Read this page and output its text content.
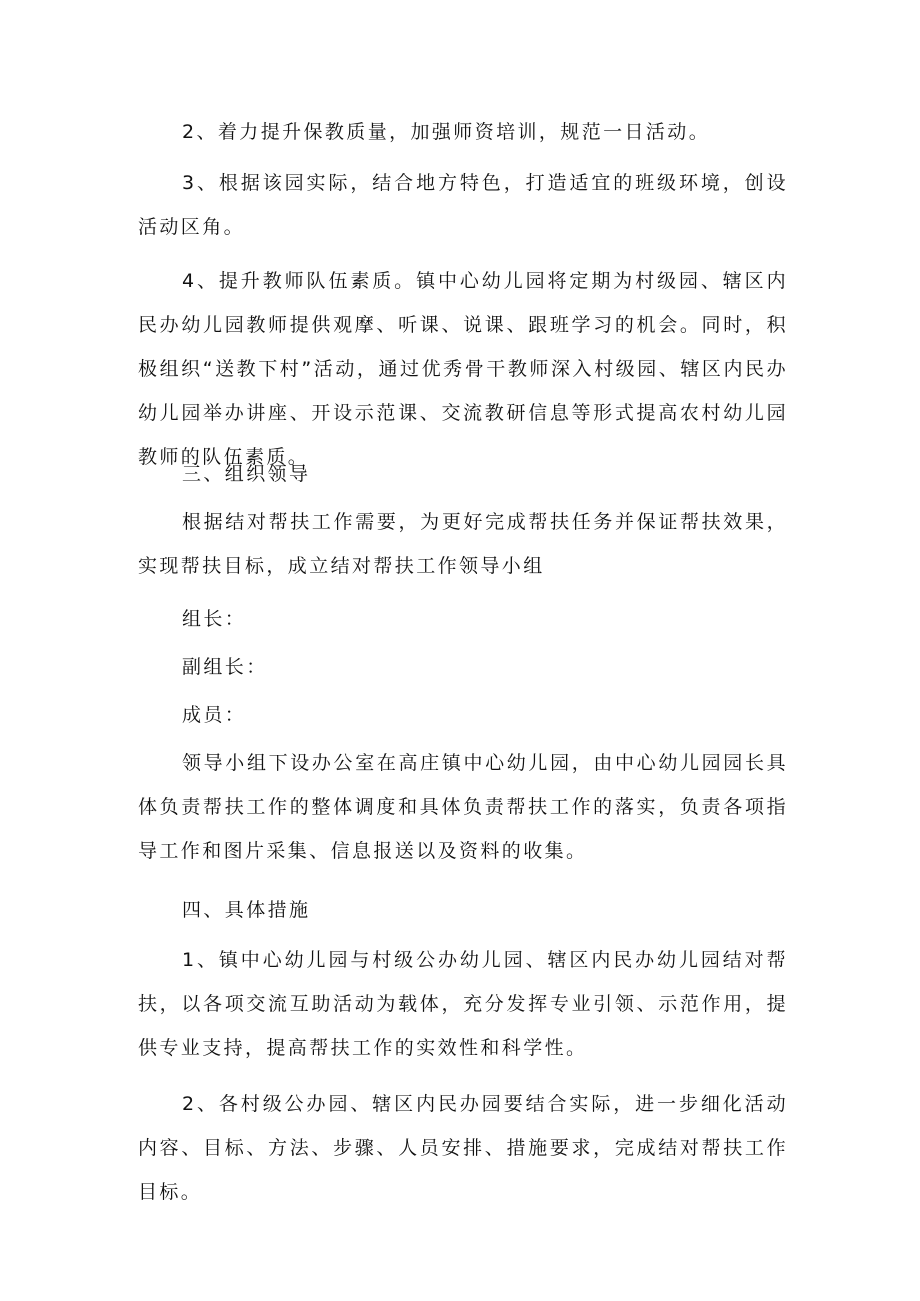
2、着力提升保教质量，加强师资培训，规范一日活动。

3、根据该园实际，结合地方特色，打造适宜的班级环境，创设活动区角。

4、提升教师队伍素质。镇中心幼儿园将定期为村级园、辖区内民办幼儿园教师提供观摩、听课、说课、跟班学习的机会。同时，积极组织“送教下村”活动，通过优秀骨干教师深入村级园、辖区内民办幼儿园举办讲座、开设示范课、交流教研信息等形式提高农村幼儿园教师的队伍素质。

三、组织领导

根据结对帮扶工作需要，为更好完成帮扶任务并保证帮扶效果，实现帮扶目标，成立结对帮扶工作领导小组

组长：

副组长：

成员：

领导小组下设办公室在高庄镇中心幼儿园，由中心幼儿园园长具体负责帮扶工作的整体调度和具体负责帮扶工作的落实，负责各项指导工作和图片采集、信息报送以及资料的收集。

四、具体措施

1、镇中心幼儿园与村级公办幼儿园、辖区内民办幼儿园结对帮扶，以各项交流互助活动为载体，充分发挥专业引领、示范作用，提供专业支持，提高帮扶工作的实效性和科学性。

2、各村级公办园、辖区内民办园要结合实际，进一步细化活动内容、目标、方法、步骤、人员安排、措施要求，完成结对帮扶工作目标。
